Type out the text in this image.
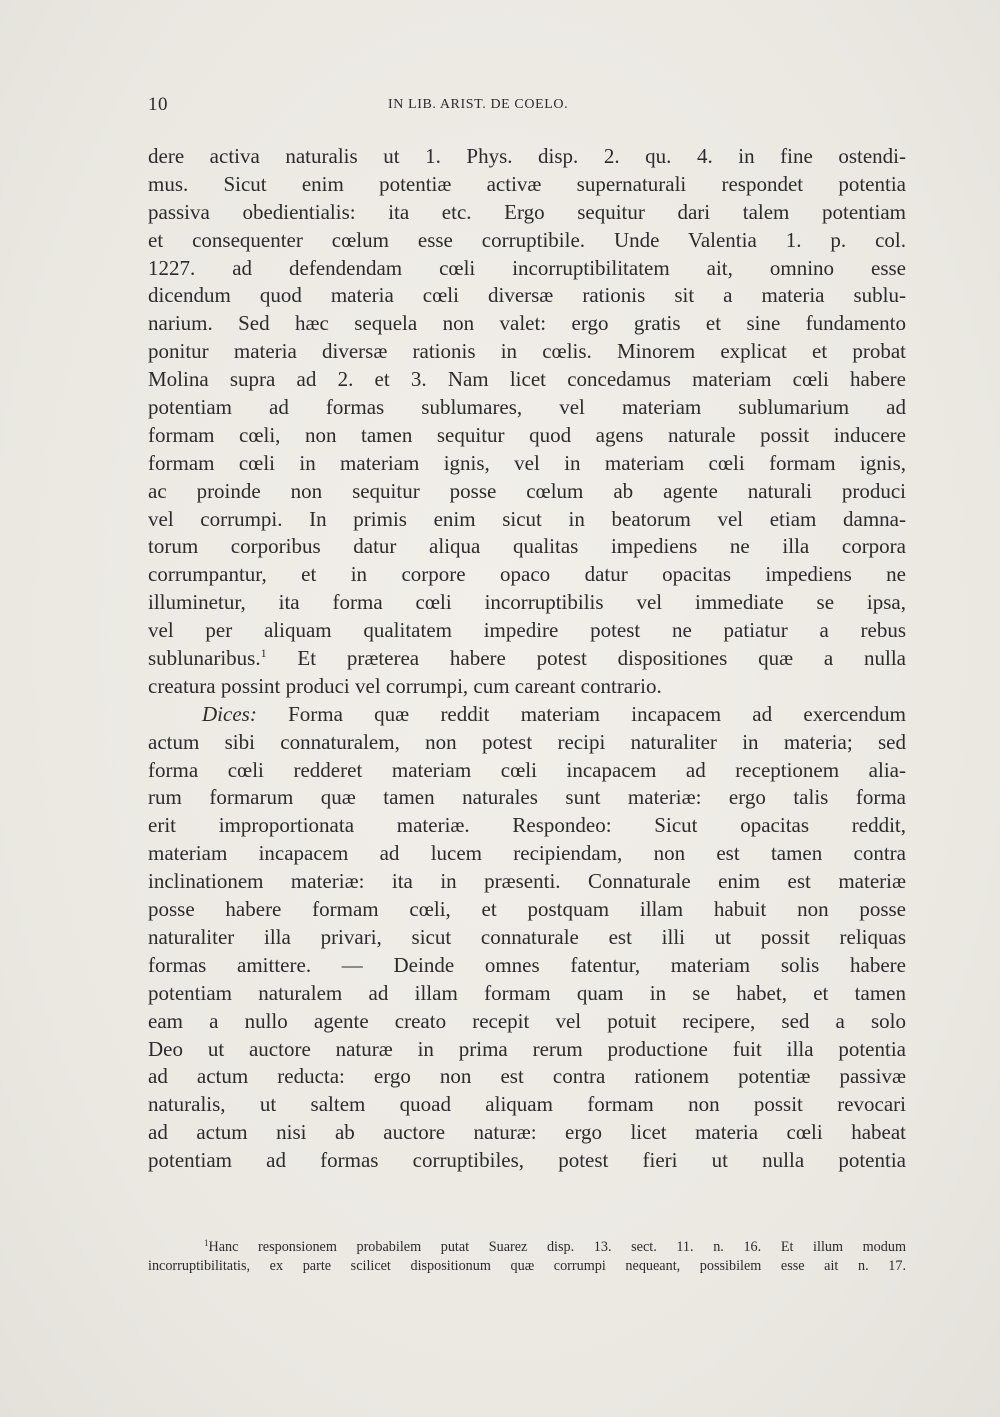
10	IN LIB. ARIST. DE COELO.
dere activa naturalis ut 1. Phys. disp. 2. qu. 4. in fine ostendi-
mus. Sicut enim potentiæ activæ supernaturali respondet potentia
passiva obedientialis: ita etc. Ergo sequitur dari talem potentiam
et consequenter cœlum esse corruptibile. Unde Valentia 1. p. col.
1227. ad defendendam cœli incorruptibilitatem ait, omnino esse
dicendum quod materia cœli diversæ rationis sit a materia sublu-
narium. Sed hæc sequela non valet: ergo gratis et sine fundamento
ponitur materia diversæ rationis in cœlis. Minorem explicat et probat
Molina supra ad 2. et 3. Nam licet concedamus materiam cœli habere
potentiam ad formas sublumares, vel materiam sublumarium ad
formam cœli, non tamen sequitur quod agens naturale possit inducere
formam cœli in materiam ignis, vel in materiam cœli formam ignis,
ac proinde non sequitur posse cœlum ab agente naturali produci
vel corrumpi. In primis enim sicut in beatorum vel etiam damna-
torum corporibus datur aliqua qualitas impediens ne illa corpora
corrumpantur, et in corpore opaco datur opacitas impediens ne
illuminetur, ita forma cœli incorruptibilis vel immediate se ipsa,
vel per aliquam qualitatem impedire potest ne patiatur a rebus
sublunaribus.$^1$ Et præterea habere potest dispositiones quæ a nulla
creatura possint produci vel corrumpi, cum careant contrario.
Dices: Forma quæ reddit materiam incapacem ad exercendum
actum sibi connaturalem, non potest recipi naturaliter in materia; sed
forma cœli redderet materiam cœli incapacem ad receptionem alia-
rum formarum quæ tamen naturales sunt materiæ: ergo talis forma
erit improportionata materiæ. Respondeo: Sicut opacitas reddit,
materiam incapacem ad lucem recipiendam, non est tamen contra
inclinationem materiæ: ita in præsenti. Connaturale enim est materiæ
posse habere formam cœli, et postquam illam habuit non posse
naturaliter illa privari, sicut connaturale est illi ut possit reliquas
formas amittere. — Deinde omnes fatentur, materiam solis habere
potentiam naturalem ad illam formam quam in se habet, et tamen
eam a nullo agente creato recepit vel potuit recipere, sed a solo
Deo ut auctore naturæ in prima rerum productione fuit illa potentia
ad actum reducta: ergo non est contra rationem potentiæ passivæ
naturalis, ut saltem quoad aliquam formam non possit revocari
ad actum nisi ab auctore naturæ: ergo licet materia cœli habeat
potentiam ad formas corruptibiles, potest fieri ut nulla potentia
$^1$Hanc responsionem probabilem putat Suarez disp. 13. sect. 11. n. 16. Et illum modum
incorruptibilitatis, ex parte scilicet dispositionum quæ corrumpi nequeant, possibilem esse ait n. 17.
